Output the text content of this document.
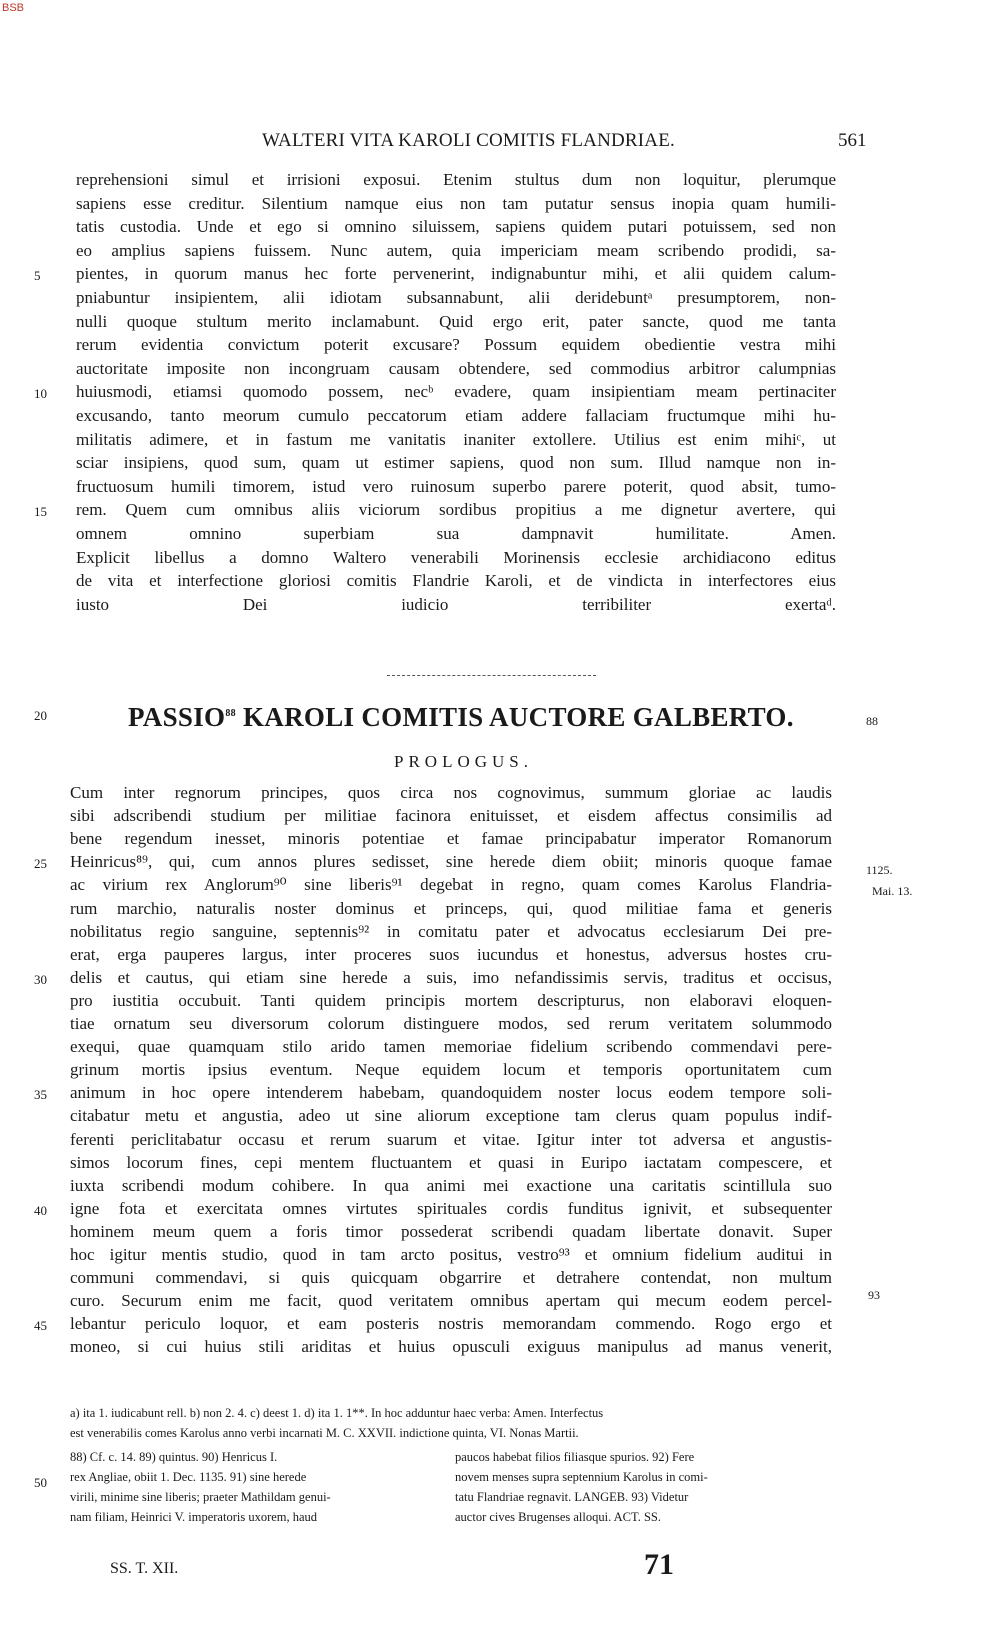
BSB
WALTERI VITA KAROLI COMITIS FLANDRIAE.	561
reprehensioni simul et irrisioni exposui. Etenim stultus dum non loquitur, plerumque
sapiens esse creditur. Silentium namque eius non tam putatur sensus inopia quam humili-
tatis custodia. Unde et ego si omnino siluissem, sapiens quidem putari potuissem, sed non
eo amplius sapiens fuissem. Nunc autem, quia impericiam meam scribendo prodidi, sa-
pientes, in quorum manus hec forte pervenerint, indignabuntur mihi, et alii quidem calum-
pniabuntur insipientem, alii idiotam subsannabunt, alii deridebuntᵃ presumptorem, non-
nulli quoque stultum merito inclamabunt. Quid ergo erit, pater sancte, quod me tanta
rerum evidentia convictum poterit excusare? Possum equidem obedientie vestra mihi
auctoritate imposite non incongruam causam obtendere, sed commodius arbitror calumpnias
huiusmodi, etiamsi quomodo possem, necᵇ evadere, quam insipientiam meam pertinaciter
excusando, tanto meorum cumulo peccatorum etiam addere fallaciam fructumque mihi hu-
militatis adimere, et in fastum me vanitatis inaniter extollere. Utilius est enim mihiᶜ, ut
sciar insipiens, quod sum, quam ut estimer sapiens, quod non sum. Illud namque non in-
fructuosum humili timorem, istud vero ruinosum superbo parere poterit, quod absit, tumo-
rem. Quem cum omnibus aliis viciorum sordibus propitius a me dignetur avertere, qui
omnem omnino superbiam sua dampnavit humilitate. Amen.
Explicit libellus a domno Waltero venerabili Morinensis ecclesie archidiacono editus
de vita et interfectione gloriosi comitis Flandrie Karoli, et de vindicta in interfectores eius
iusto Dei iudicio terribiliter exertaᵈ.
5
10
15
20	PASSIO$^{88}$ KAROLI COMITIS AUCTORE GALBERTO.	88
PROLOGUS.
Cum inter regnorum principes, quos circa nos cognovimus, summum gloriae ac laudis
sibi adscribendi studium per militiae facinora enituisset, et eisdem affectus consimilis ad
bene regendum inesset, minoris potentiae et famae principabatur imperator Romanorum
Heinricus⁸⁹, qui, cum annos plures sedisset, sine herede diem obiit; minoris quoque famae
ac virium rex Anglorum⁹⁰ sine liberis⁹¹ degebat in regno, quam comes Karolus Flandria-
rum marchio, naturalis noster dominus et princeps, qui, quod militiae fama et generis
nobilitatus regio sanguine, septennis⁹² in comitatu pater et advocatus ecclesiarum Dei pre-
erat, erga pauperes largus, inter proceres suos iucundus et honestus, adversus hostes cru-
delis et cautus, qui etiam sine herede a suis, imo nefandissimis servis, traditus et occisus,
pro iustitia occubuit. Tanti quidem principis mortem descripturus, non elaboravi eloquen-
tiae ornatum seu diversorum colorum distinguere modos, sed rerum veritatem solummodo
exequi, quae quamquam stilo arido tamen memoriae fidelium scribendo commendavi pere-
grinum mortis ipsius eventum. Neque equidem locum et temporis oportunitatem cum
animum in hoc opere intenderem habebam, quandoquidem noster locus eodem tempore soli-
citabatur metu et angustia, adeo ut sine aliorum exceptione tam clerus quam populus indif-
ferenti periclitabatur occasu et rerum suarum et vitae. Igitur inter tot adversa et angustis-
simos locorum fines, cepi mentem fluctuantem et quasi in Euripo iactatam compescere, et
iuxta scribendi modum cohibere. In qua animi mei exactione una caritatis scintillula suo
igne fota et exercitata omnes virtutes spirituales cordis funditus ignivit, et subsequenter
hominem meum quem a foris timor possederat scribendi quadam libertate donavit. Super
hoc igitur mentis studio, quod in tam arcto positus, vestro⁹³ et omnium fidelium auditui in
communi commendavi, si quis quicquam obgarrire et detrahere contendat, non multum
curo. Securum enim me facit, quod veritatem omnibus apertam qui mecum eodem percel-
lebantur periculo loquor, et eam posteris nostris memorandam commendo. Rogo ergo et
moneo, si cui huius stili ariditas et huius opusculi exiguus manipulus ad manus venerit,
25
30
35
40
45
1125.
Mai. 13.
93
a) ita 1. iudicabunt rell. b) non 2. 4. c) deest 1. d) ita 1. 1**. In hoc adduntur haec verba: Amen. Interfectus
est venerabilis comes Karolus anno verbi incarnati M. C. XXVII. indictione quinta, VI. Nonas Martii.
88) Cf. c. 14. 89) quintus. 90) Henricus I.
rex Angliae, obiit 1. Dec. 1135. 91) sine herede
virili, minime sine liberis; praeter Mathildam genui-
nam filiam, Heinrici V. imperatoris uxorem, haud
paucos habebat filios filiasque spurios. 92) Fere
novem menses supra septennium Karolus in comi-
tatu Flandriae regnavit. LANGEB. 93) Videtur
auctor cives Brugenses alloqui. ACT. SS.
50
SS. T. XII.	71
